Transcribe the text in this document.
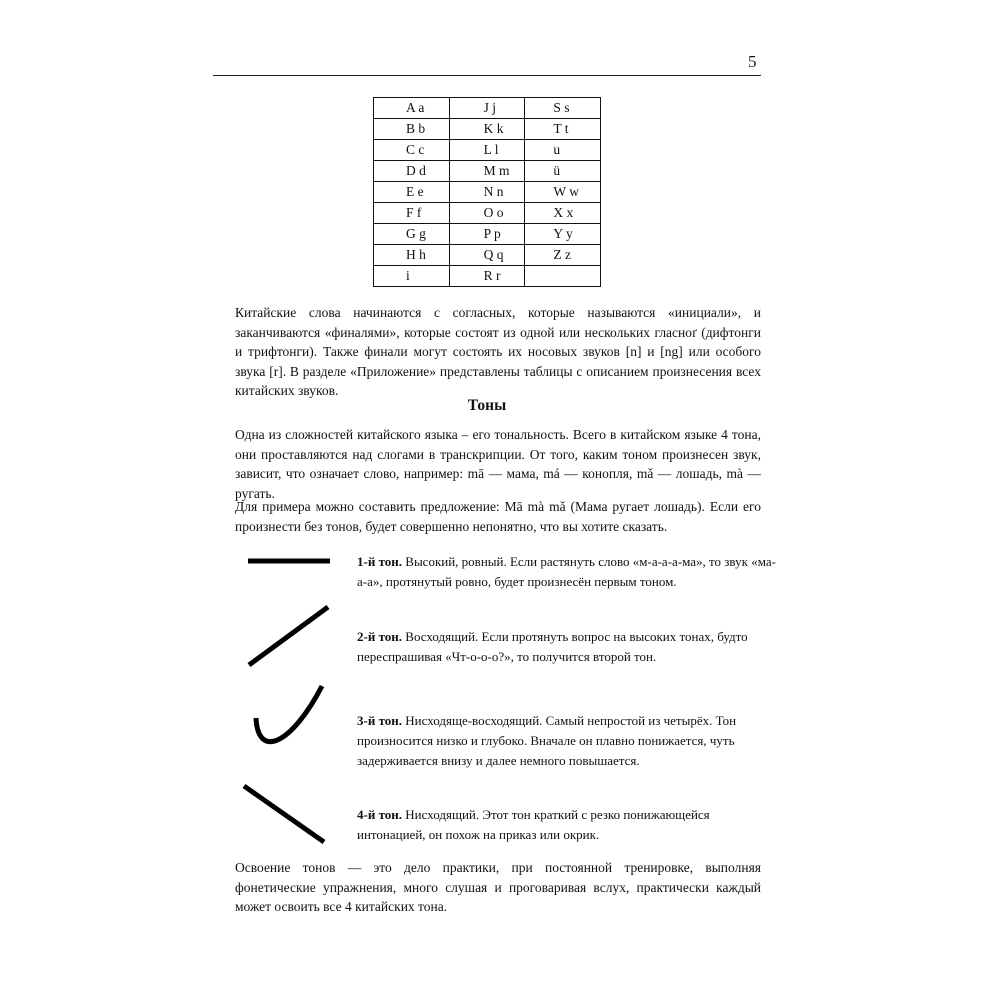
5
A a	J j	S s
B b	K k	T t
C c	L l	u
D d	M m	ü
E e	N n	W w
F f	O o	X x
G g	P p	Y y
H h	Q q	Z z
i	R r	
Китайские слова начинаются с согласных, которые называются «инициали», и заканчиваются «финалями», которые состоят из одной или нескольких гласноґ (дифтонги и трифтонги). Также финали могут состоять их носовых звуков [n] и [ng] или особого звука [r]. В разделе «Приложение» представлены таблицы с описанием произнесения всех китайских звуков.
Тоны
Одна из сложностей китайского языка – его тональность. Всего в китайском языке 4 тона, они проставляются над слогами в транскрипции. От того, каким тоном произнесен звук, зависит, что означает слово, например: mā — мама, má — конопля, mǎ — лошадь, mà — ругать.
Для примера можно составить предложение: Mā mà mǎ (Мама ругает лошадь). Если его произнести без тонов, будет совершенно непонятно, что вы хотите сказать.
1-й тон. Высокий, ровный. Если растянуть слово «м-а-а-а-ма», то звук «ма-а-а», протянутый ровно, будет произнесён первым тоном.
2-й тон. Восходящий. Если протянуть вопрос на высоких тонах, будто переспрашивая «Чт-о-о-о?», то получится второй тон.
3-й тон. Нисходяще-восходящий. Самый непростой из четырёх. Тон произносится низко и глубоко. Вначале он плавно понижается, чуть задерживается внизу и далее немного повышается.
4-й тон. Нисходящий. Этот тон краткий с резко понижающейся интонацией, он похож на приказ или окрик.
Освоение тонов — это дело практики, при постоянной тренировке, выполняя фонетические упражнения, много слушая и проговаривая вслух, практически каждый может освоить все 4 китайских тона.
